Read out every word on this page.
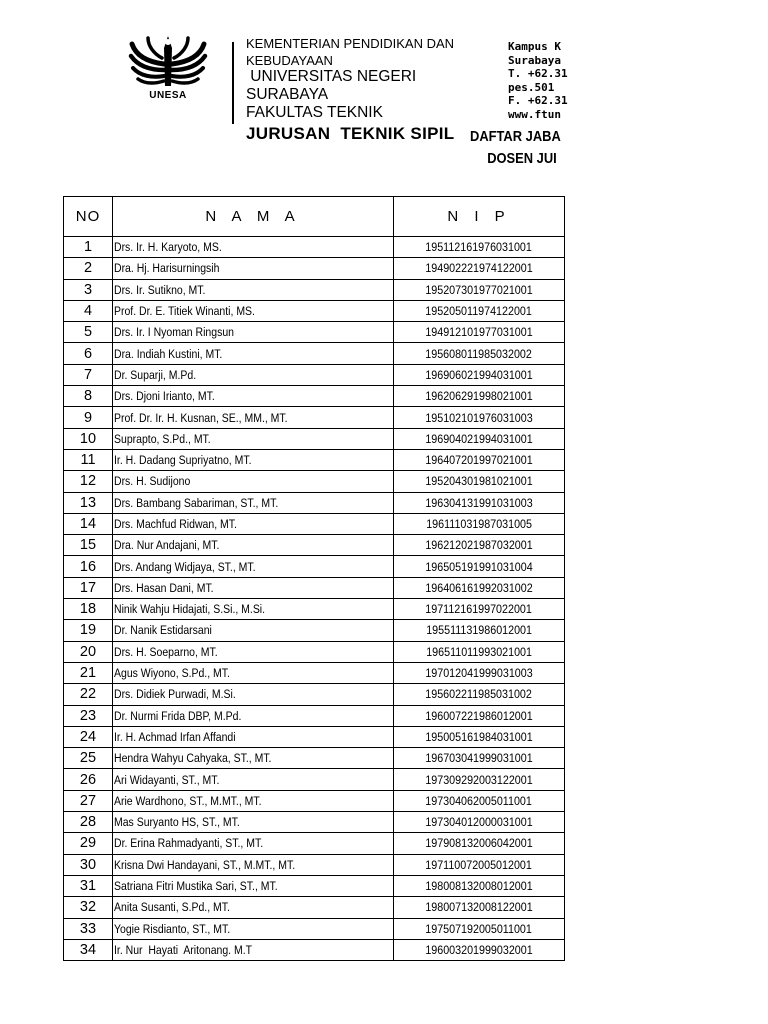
UNESA
KEMENTERIAN PENDIDIKAN DAN
KEBUDAYAAN
UNIVERSITAS NEGERI
SURABAYA
FAKULTAS TEKNIK
JURUSAN  TEKNIK SIPIL
Kampus K
Surabaya
T. +62.31
pes.501
F. +62.31
www.ftun
DAFTAR JABA
DOSEN JUI
NO	N A M A	N I P
1	Drs. Ir. H. Karyoto, MS.	195112161976031001
2	Dra. Hj. Harisurningsih	194902221974122001
3	Drs. Ir. Sutikno, MT.	195207301977021001
4	Prof. Dr. E. Titiek Winanti, MS.	195205011974122001
5	Drs. Ir. I Nyoman Ringsun	194912101977031001
6	Dra. Indiah Kustini, MT.	195608011985032002
7	Dr. Suparji, M.Pd.	196906021994031001
8	Drs. Djoni Irianto, MT.	196206291998021001
9	Prof. Dr. Ir. H. Kusnan, SE., MM., MT.	195102101976031003
10	Suprapto, S.Pd., MT.	196904021994031001
11	Ir. H. Dadang Supriyatno, MT.	196407201997021001
12	Drs. H. Sudijono	195204301981021001
13	Drs. Bambang Sabariman, ST., MT.	196304131991031003
14	Drs. Machfud Ridwan, MT.	196111031987031005
15	Dra. Nur Andajani, MT.	196212021987032001
16	Drs. Andang Widjaya, ST., MT.	196505191991031004
17	Drs. Hasan Dani, MT.	196406161992031002
18	Ninik Wahju Hidajati, S.Si., M.Si.	197112161997022001
19	Dr. Nanik Estidarsani	195511131986012001
20	Drs. H. Soeparno, MT.	196511011993021001
21	Agus Wiyono, S.Pd., MT.	197012041999031003
22	Drs. Didiek Purwadi, M.Si.	195602211985031002
23	Dr. Nurmi Frida DBP, M.Pd.	196007221986012001
24	Ir. H. Achmad Irfan Affandi	195005161984031001
25	Hendra Wahyu Cahyaka, ST., MT.	196703041999031001
26	Ari Widayanti, ST., MT.	197309292003122001
27	Arie Wardhono, ST., M.MT., MT.	197304062005011001
28	Mas Suryanto HS, ST., MT.	197304012000031001
29	Dr. Erina Rahmadyanti, ST., MT.	197908132006042001
30	Krisna Dwi Handayani, ST., M.MT., MT.	197110072005012001
31	Satriana Fitri Mustika Sari, ST., MT.	198008132008012001
32	Anita Susanti, S.Pd., MT.	198007132008122001
33	Yogie Risdianto, ST., MT.	197507192005011001
34	Ir. Nur  Hayati  Aritonang. M.T	196003201999032001
